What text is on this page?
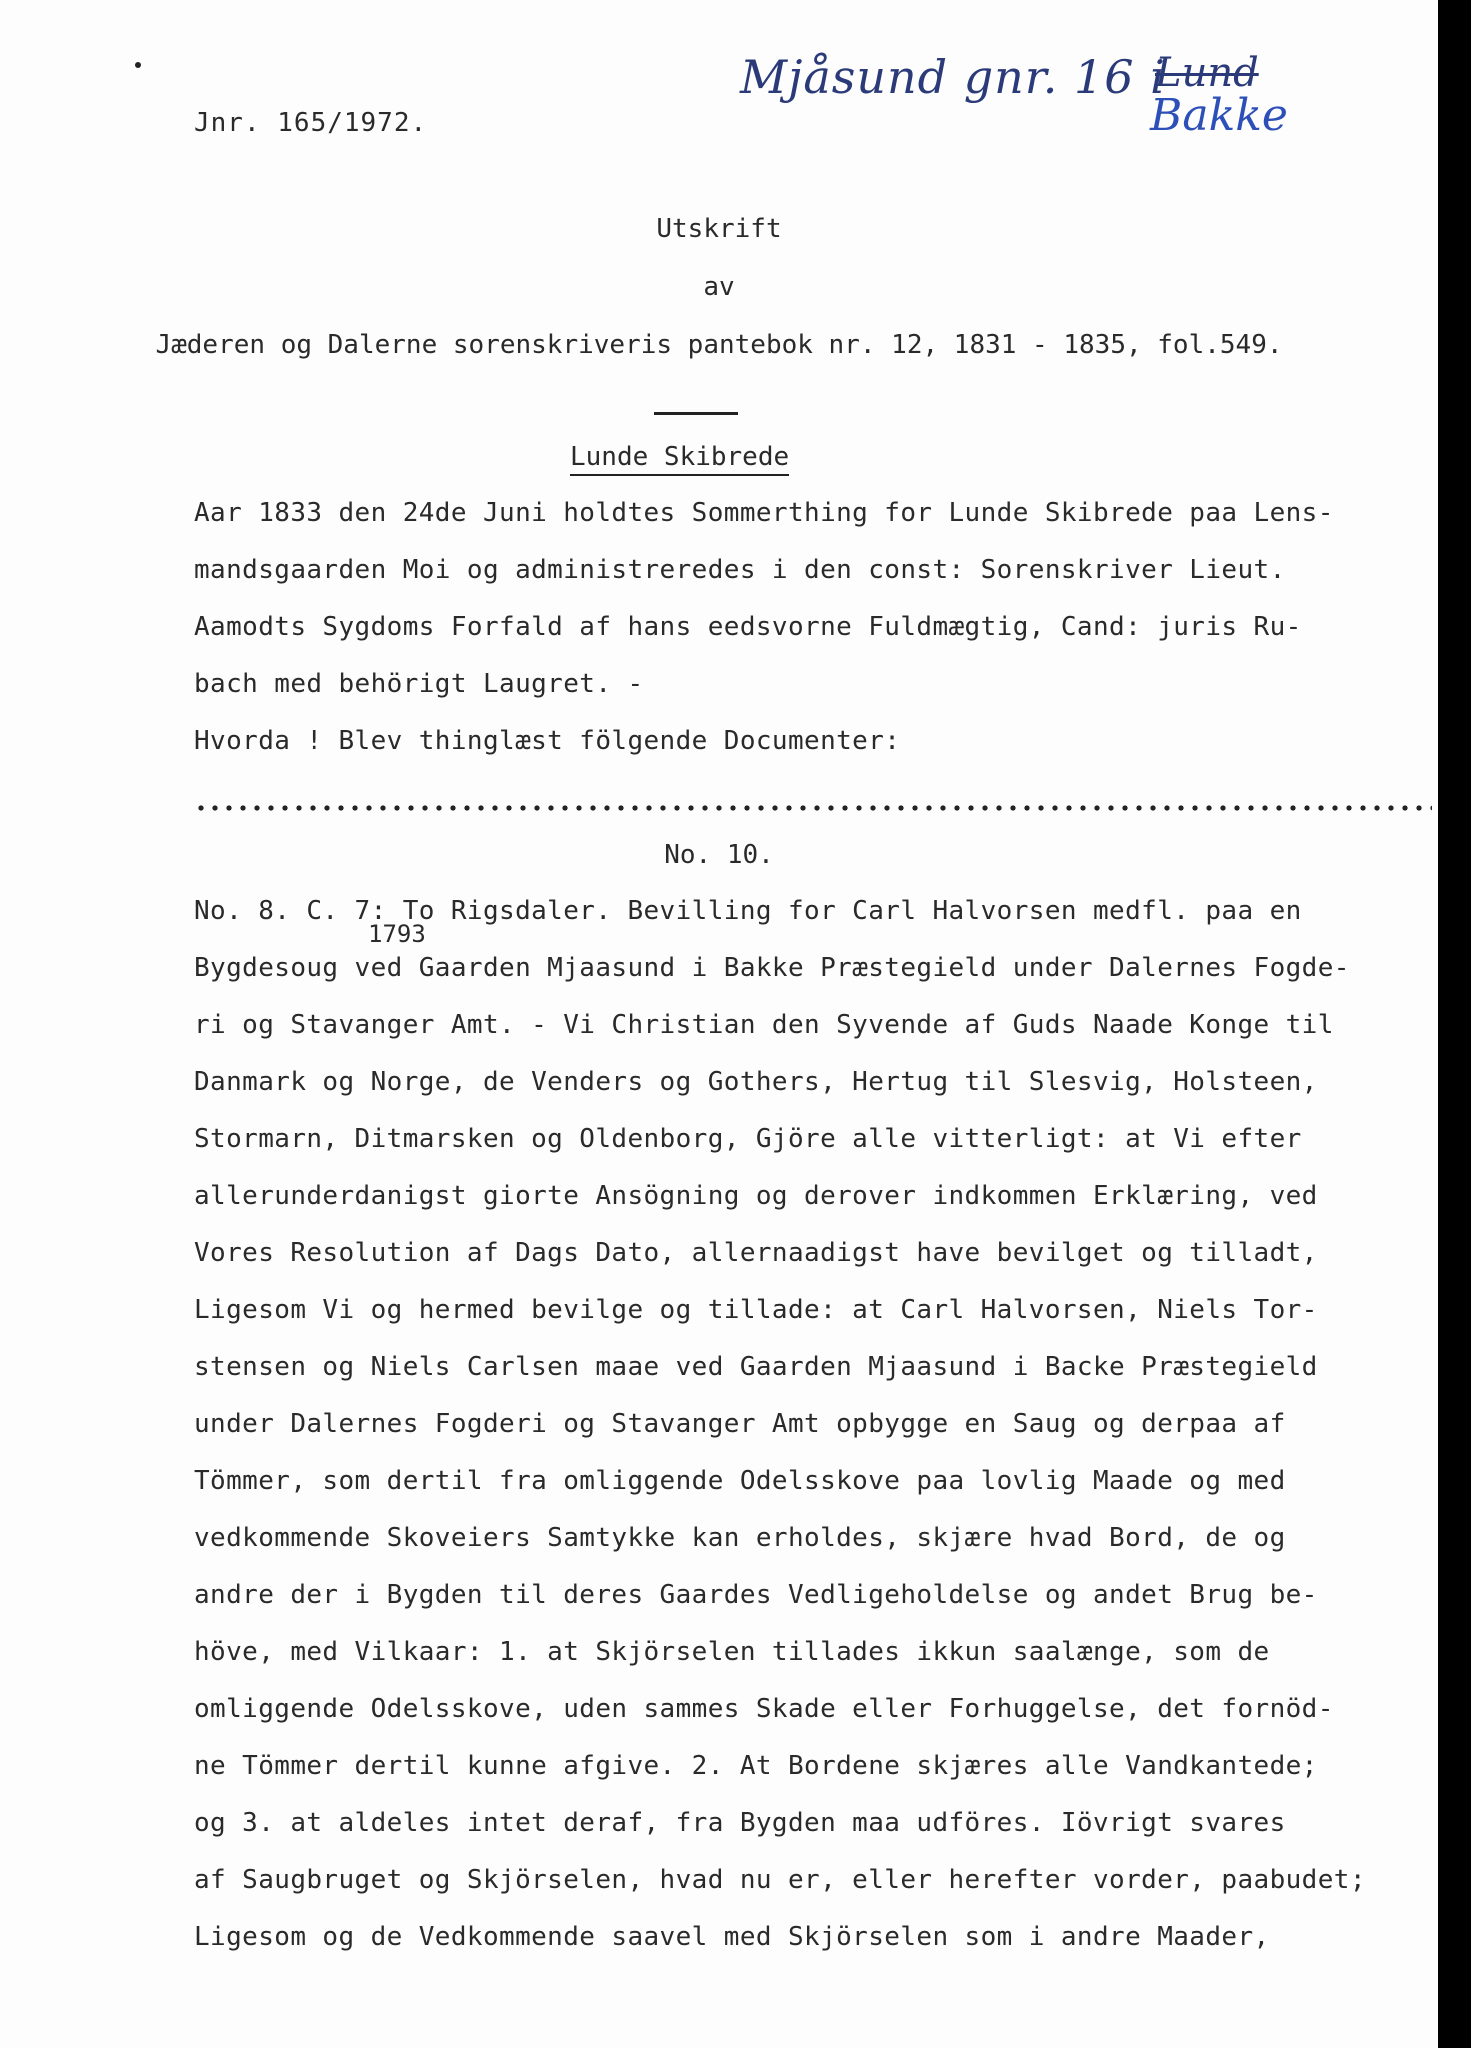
Jnr. 165/1972.
Mjåsund gnr. 16 i
Lund
Bakke
Utskrift
av
Jæderen og Dalerne sorenskriveris pantebok nr. 12, 1831 - 1835, fol.549.
Lunde Skibrede
Aar 1833 den 24de Juni holdtes Sommerthing for Lunde Skibrede paa Lens-
mandsgaarden Moi og administreredes i den const: Sorenskriver Lieut.
Aamodts Sygdoms Forfald af hans eedsvorne Fuldmægtig, Cand: juris Ru-
bach med behörigt Laugret. -
Hvorda ! Blev thinglæst fölgende Documenter:
No. 10.
1793
No. 8. C. 7: To Rigsdaler. Bevilling for Carl Halvorsen medfl. paa en
Bygdesoug ved Gaarden Mjaasund i Bakke Præstegield under Dalernes Fogde-
ri og Stavanger Amt. - Vi Christian den Syvende af Guds Naade Konge til
Danmark og Norge, de Venders og Gothers, Hertug til Slesvig, Holsteen,
Stormarn, Ditmarsken og Oldenborg, Gjöre alle vitterligt: at Vi efter
allerunderdanigst giorte Ansögning og derover indkommen Erklæring, ved
Vores Resolution af Dags Dato, allernaadigst have bevilget og tilladt,
Ligesom Vi og hermed bevilge og tillade: at Carl Halvorsen, Niels Tor-
stensen og Niels Carlsen maae ved Gaarden Mjaasund i Backe Præstegield
under Dalernes Fogderi og Stavanger Amt opbygge en Saug og derpaa af
Tömmer, som dertil fra omliggende Odelsskove paa lovlig Maade og med
vedkommende Skoveiers Samtykke kan erholdes, skjære hvad Bord, de og
andre der i Bygden til deres Gaardes Vedligeholdelse og andet Brug be-
höve, med Vilkaar: 1. at Skjörselen tillades ikkun saalænge, som de
omliggende Odelsskove, uden sammes Skade eller Forhuggelse, det fornöd-
ne Tömmer dertil kunne afgive. 2. At Bordene skjæres alle Vandkantede;
og 3. at aldeles intet deraf, fra Bygden maa udföres. Iövrigt svares
af Saugbruget og Skjörselen, hvad nu er, eller herefter vorder, paabudet;
Ligesom og de Vedkommende saavel med Skjörselen som i andre Maader,
